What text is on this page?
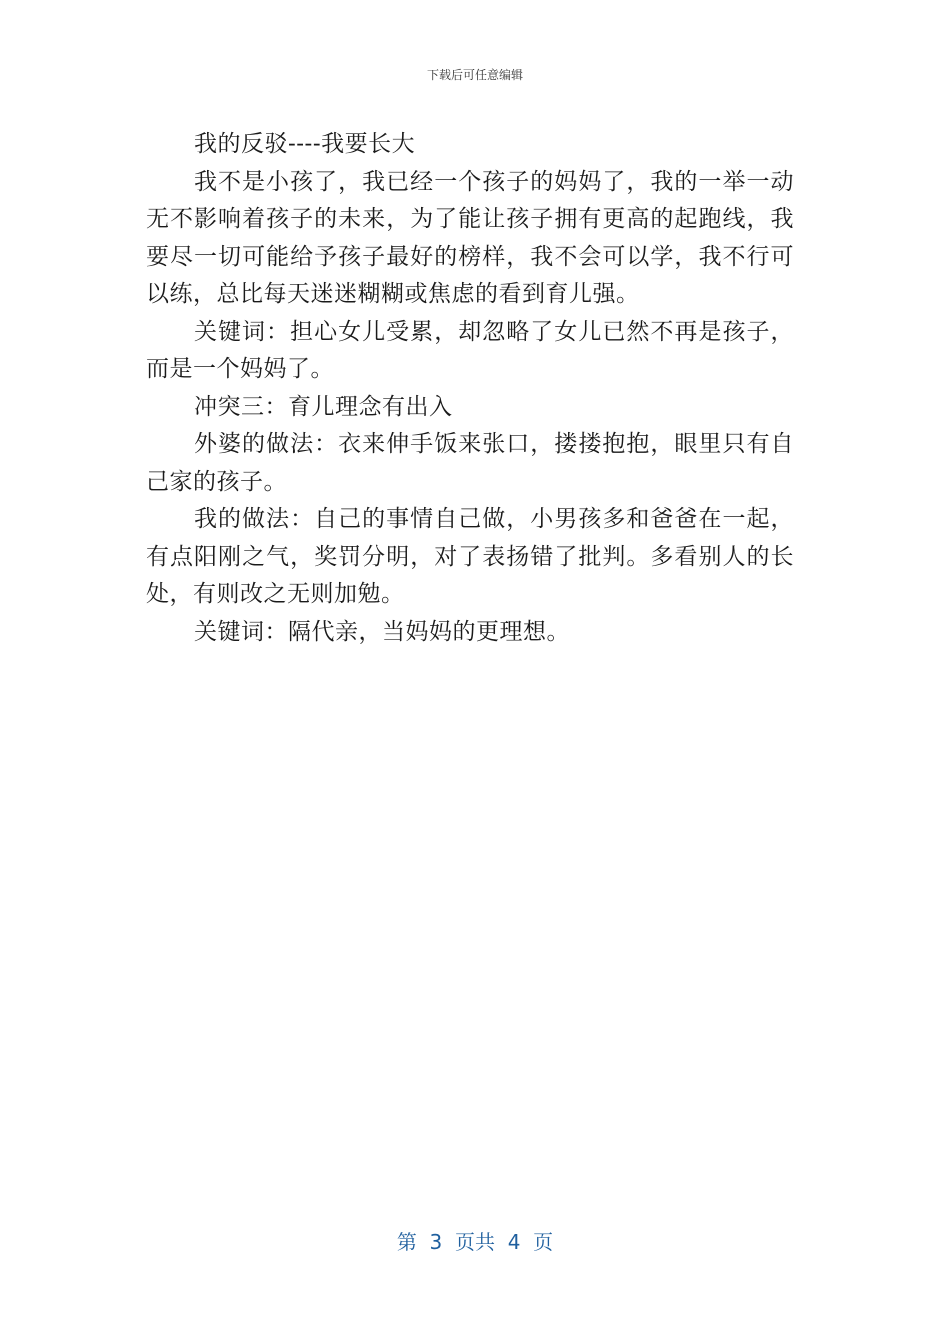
下载后可任意编辑

我的反驳----我要长大

我不是小孩了，我已经一个孩子的妈妈了，我的一举一动无不影响着孩子的未来，为了能让孩子拥有更高的起跑线，我要尽一切可能给予孩子最好的榜样，我不会可以学，我不行可以练，总比每天迷迷糊糊或焦虑的看到育儿强。

关键词：担心女儿受累，却忽略了女儿已然不再是孩子，而是一个妈妈了。

冲突三：育儿理念有出入

外婆的做法：衣来伸手饭来张口，搂搂抱抱，眼里只有自己家的孩子。

我的做法：自己的事情自己做，小男孩多和爸爸在一起，有点阳刚之气，奖罚分明，对了表扬错了批判。多看别人的长处，有则改之无则加勉。

关键词：隔代亲，当妈妈的更理想。

第  3  页共  4  页
